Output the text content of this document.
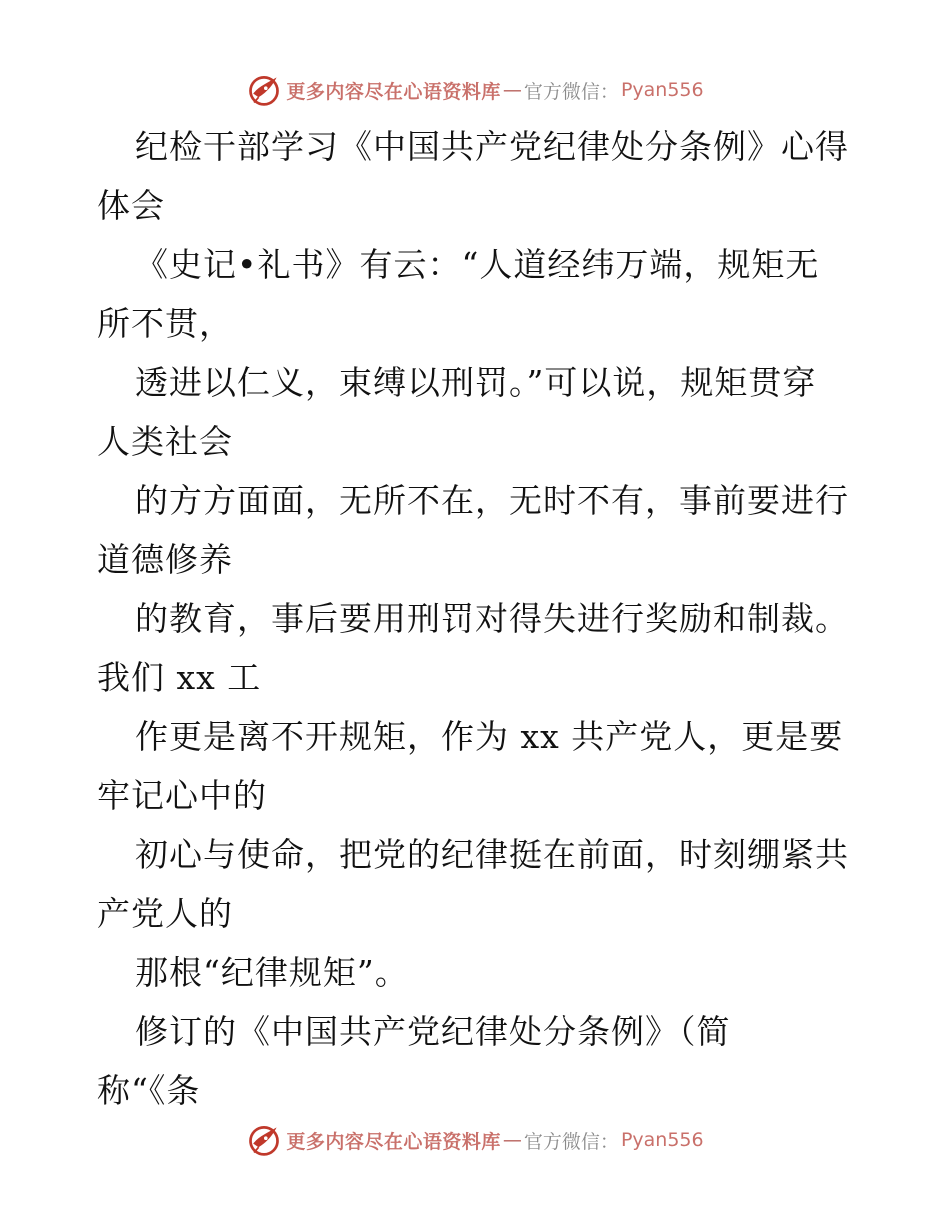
更多内容尽在心语资料库 — 官方微信： Pyan556
纪检干部学习《中国共产党纪律处分条例》心得
体会
《史记•礼书》有云：“人道经纬万端，规矩无
所不贯，
透进以仁义，束缚以刑罚。”可以说，规矩贯穿
人类社会
的方方面面，无所不在，无时不有，事前要进行
道德修养
的教育，事后要用刑罚对得失进行奖励和制裁。
我们 xx 工
作更是离不开规矩，作为 xx 共产党人，更是要
牢记心中的
初心与使命，把党的纪律挺在前面，时刻绷紧共
产党人的
那根“纪律规矩”。
修订的《中国共产党纪律处分条例》（简
称“《条
更多内容尽在心语资料库 — 官方微信： Pyan556
